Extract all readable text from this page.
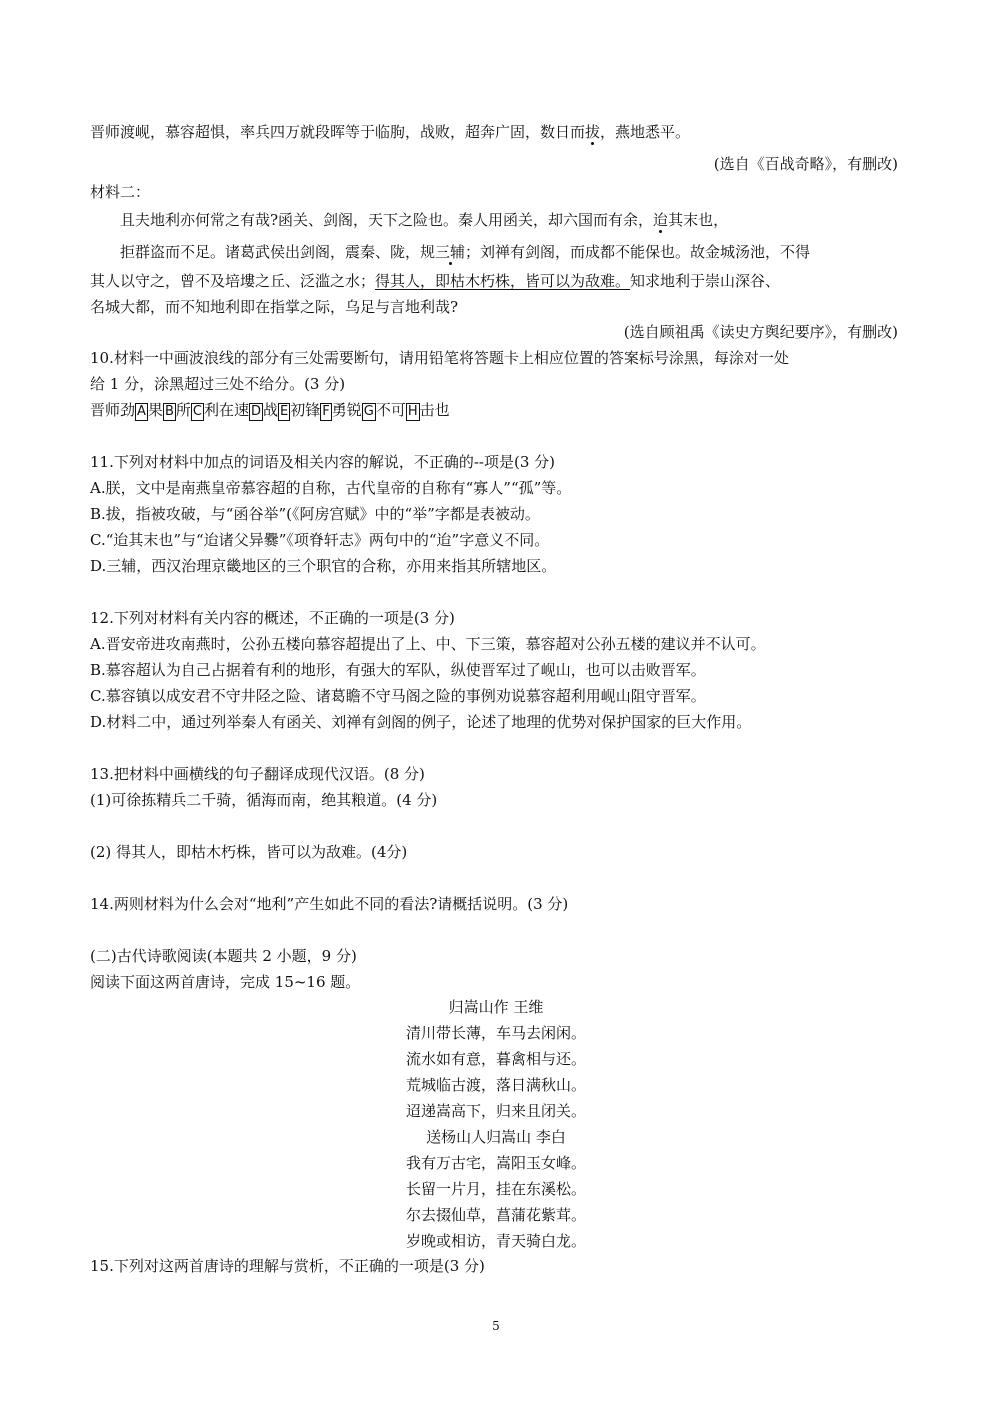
晋师渡岘，慕容超惧，率兵四万就段晖等于临朐，战败，超奔广固，数日而拔，燕地悉平。
(选自《百战奇略》，有删改)
材料二：
且夫地利亦何常之有哉?函关、剑阁，天下之险也。秦人用函关，却六国而有余，迨其末也，
拒群盗而不足。诸葛武侯出剑阁，震秦、陇，规三辅；刘禅有剑阁，而成都不能保也。故金城汤池，不得
其人以守之，曾不及培塿之丘、泛滥之水；得其人，即枯木朽株，皆可以为敌难。知求地利于崇山深谷、
名城大都，而不知地利即在指掌之际，乌足与言地利哉?
(选自顾祖禹《读史方舆纪要序》，有删改)
10.材料一中画波浪线的部分有三处需要断句，请用铅笔将答题卡上相应位置的答案标号涂黑，每涂对一处
给 1 分，涂黑超过三处不给分。(3 分)
晋师劲 A 果 B 所 C 利在速 D 战 E 初锋 F 勇锐 G 不可 H 击也
11.下列对材料中加点的词语及相关内容的解说，不正确的--项是(3 分)
A.朕，文中是南燕皇帝慕容超的自称，古代皇帝的自称有“寡人”“孤”等。
B.拔，指被攻破，与“函谷举”(《阿房宫赋》中的“举”字都是表被动。
C.“迨其末也”与“迨诸父异爨”《项脊轩志》两句中的“迨”字意义不同。
D.三辅，西汉治理京畿地区的三个职官的合称，亦用来指其所辖地区。
12.下列对材料有关内容的概述，不正确的一项是(3 分)
A.晋安帝进攻南燕时，公孙五楼向慕容超提出了上、中、下三策，慕容超对公孙五楼的建议并不认可。
B.慕容超认为自己占据着有利的地形，有强大的军队，纵使晋军过了岘山，也可以击败晋军。
C.慕容镇以成安君不守井陉之险、诸葛瞻不守马阁之险的事例劝说慕容超利用岘山阻守晋军。
D.材料二中，通过列举秦人有函关、刘禅有剑阁的例子，论述了地理的优势对保护国家的巨大作用。
13.把材料中画横线的句子翻译成现代汉语。(8 分)
(1)可徐拣精兵二千骑，循海而南，绝其粮道。(4 分)
(2) 得其人，即枯木朽株，皆可以为敌难。(4分)
14.两则材料为什么会对“地利”产生如此不同的看法?请概括说明。(3 分)
(二)古代诗歌阅读(本题共 2 小题，9 分)
阅读下面这两首唐诗，完成 15~16 题。
归嵩山作 王维
清川带长薄，车马去闲闲。
流水如有意，暮禽相与还。
荒城临古渡，落日满秋山。
迢递嵩高下，归来且闭关。
送杨山人归嵩山 李白
我有万古宅，嵩阳玉女峰。
长留一片月，挂在东溪松。
尔去掇仙草，菖蒲花紫茸。
岁晚或相访，青天骑白龙。
15.下列对这两首唐诗的理解与赏析，不正确的一项是(3 分)
5
